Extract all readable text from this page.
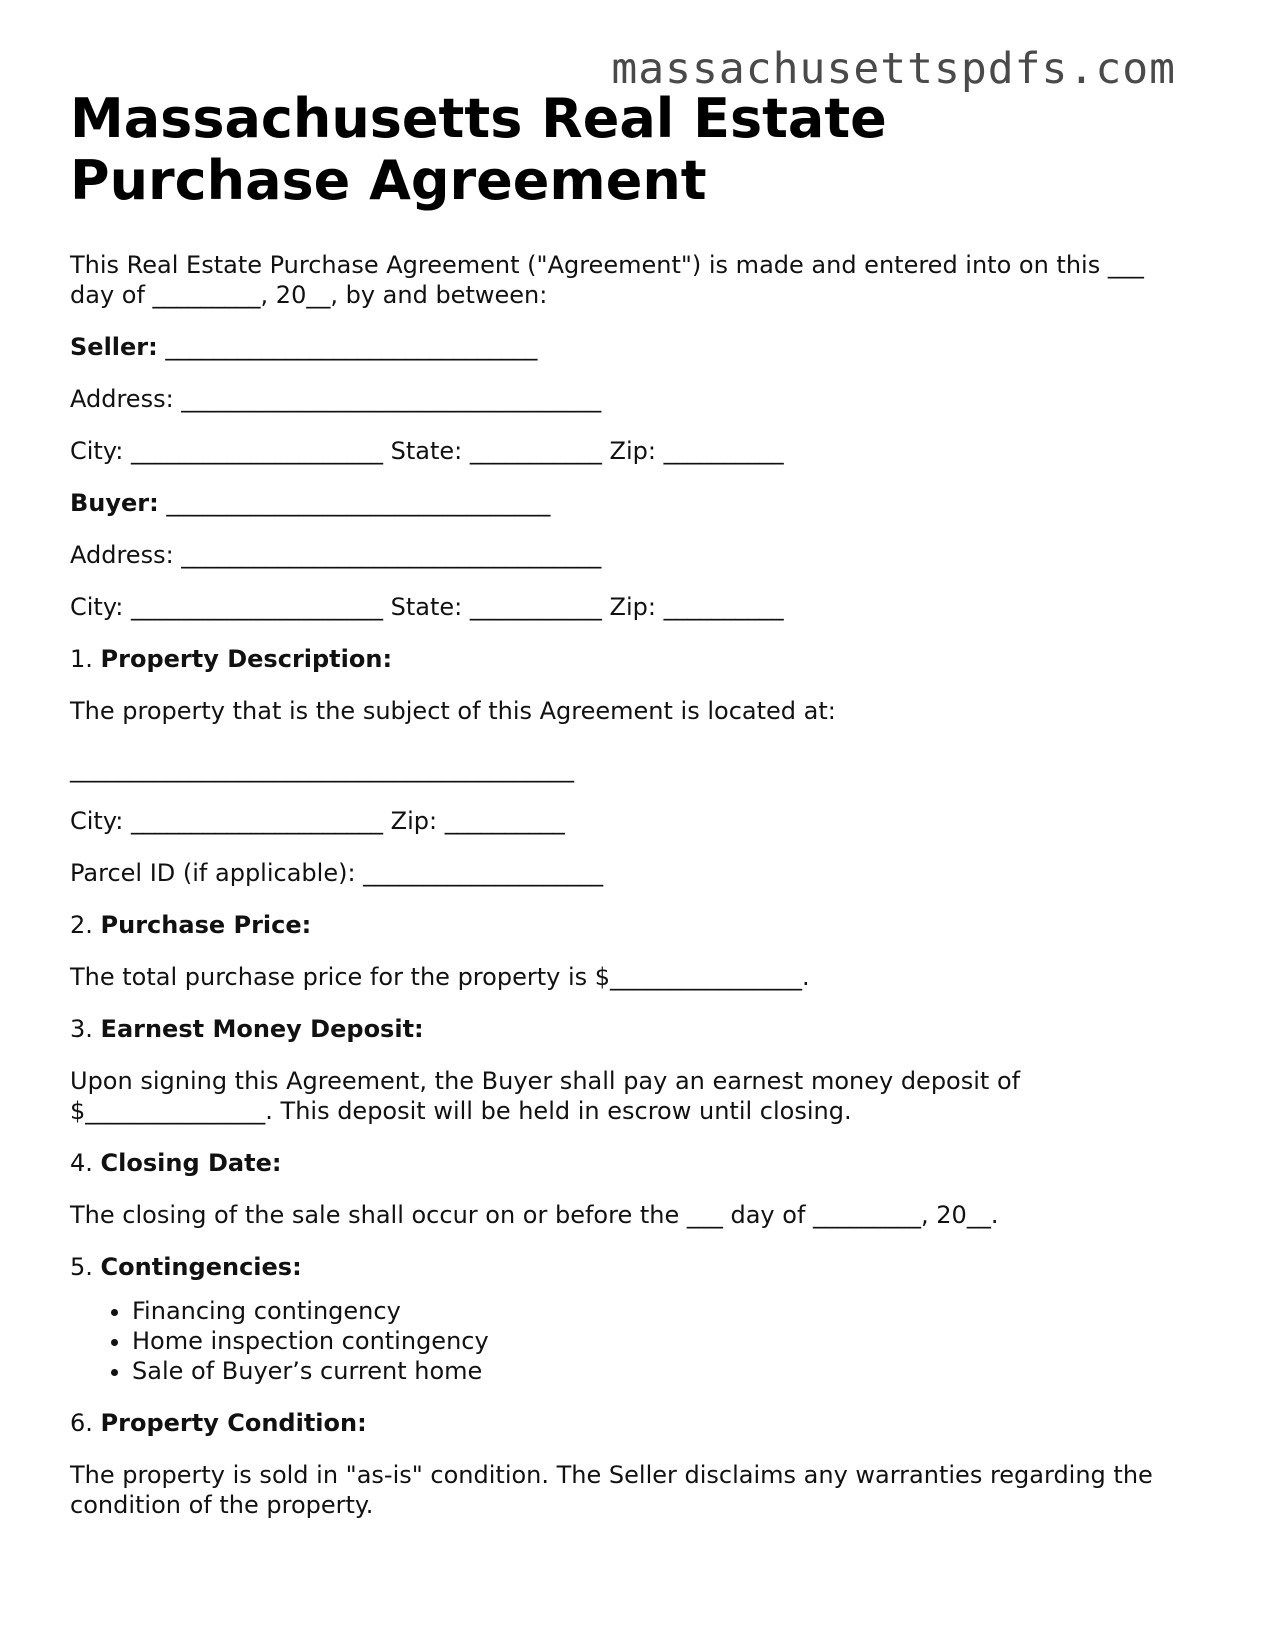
massachusettspdfs.com
Massachusetts Real Estate Purchase Agreement

This Real Estate Purchase Agreement ("Agreement") is made and entered into on this ___ day of _________, 20__, by and between:

Seller: _______________________________

Address: ___________________________________

City: _____________________ State: ___________ Zip: __________

Buyer: ________________________________

Address: ___________________________________

City: _____________________ State: ___________ Zip: __________

1. Property Description:

The property that is the subject of this Agreement is located at:

__________________________________________

City: _____________________ Zip: __________

Parcel ID (if applicable): ____________________

2. Purchase Price:

The total purchase price for the property is $________________.

3. Earnest Money Deposit:

Upon signing this Agreement, the Buyer shall pay an earnest money deposit of $_______________. This deposit will be held in escrow until closing.

4. Closing Date:

The closing of the sale shall occur on or before the ___ day of _________, 20__.

5. Contingencies:

• Financing contingency
• Home inspection contingency
• Sale of Buyer’s current home

6. Property Condition:

The property is sold in "as-is" condition. The Seller disclaims any warranties regarding the condition of the property.
